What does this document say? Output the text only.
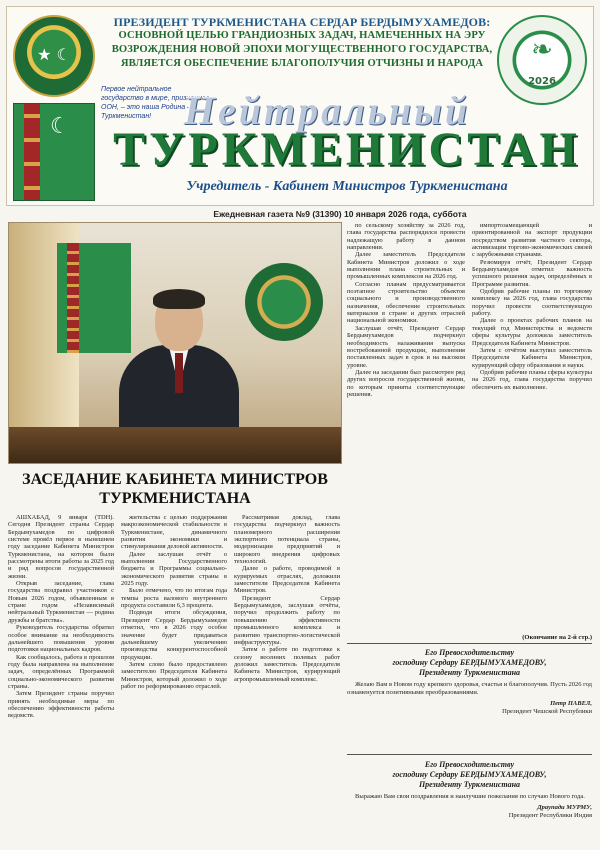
★ ☾
☾
ПРЕЗИДЕНТ ТУРКМЕНИСТАНА СЕРДАР БЕРДЫМУХАМЕДОВ:
ОСНОВНОЙ ЦЕЛЬЮ ГРАНДИОЗНЫХ ЗАДАЧ, НАМЕЧЕННЫХ НА ЭРУ
ВОЗРОЖДЕНИЯ НОВОЙ ЭПОХИ МОГУЩЕСТВЕННОГО ГОСУДАРСТВА,
ЯВЛЯЕТСЯ ОБЕСПЕЧЕНИЕ БЛАГОПОЛУЧИЯ ОТЧИЗНЫ И НАРОДА
Первое нейтральное государство в мире, признанное ООН, – это наша Родина – Туркменистан! Нейтральный
ТУРКМЕНИСТАН
Учредитель - Кабинет Министров Туркменистана
❧
2026
Ежедневная газета №9 (31390) 10 января 2026 года, суббота
ЗАСЕДАНИЕ КАБИНЕТА МИНИСТРОВ ТУРКМЕНИСТАНА

АШХАБАД, 9 января (TDH). Сегодня Президент страны Сердар Бердымухамедов по цифровой системе провёл первое в нынешнем году заседание Кабинета Министров Туркменистана, на котором были рассмотрены итоги работы за 2025 год и ряд вопросов государственной жизни.

Открыв заседание, глава государства поздравил участников с Новым 2026 годом, объявленным в стране годом «Независимый нейтральный Туркменистан — родина дружбы и братства».

Руководитель государства обратил особое внимание на необходимость дальнейшего повышения уровня подготовки национальных кадров.

Как сообщалось, работа в прошлом году была направлена на выполнение задач, определённых Программой социально-экономического развития страны.

Затем Президент страны поручил принять необходимые меры по обеспечению эффективности работы ведомств.

жительства с целью поддержания макроэкономической стабильности в Туркменистане, динамичного развития экономики и стимулирования деловой активности.

Далее заслушан отчёт о выполнении Государственного бюджета и Программы социально-экономического развития страны в 2025 году.

Было отмечено, что по итогам года темпы роста валового внутреннего продукта составили 6,3 процента.

Подводя итоги обсуждения, Президент Сердар Бердымухамедов отметил, что в 2026 году особое значение будет придаваться дальнейшему увеличению производства конкурентоспособной продукции.

Затем слово было предоставлено заместителю Председателя Кабинета Министров, который доложил о ходе работ по реформированию отраслей.

Рассматривая доклад, глава государства подчеркнул важность планомерного расширения экспортного потенциала страны, модернизации предприятий и широкого внедрения цифровых технологий.

Далее о работе, проводимой в курируемых отраслях, доложили заместители Председателя Кабинета Министров.

Президент Сердар Бердымухамедов, заслушав отчёты, поручил продолжить работу по повышению эффективности промышленного комплекса и развитию транспортно-логистической инфраструктуры.

Затем о работе по подготовке к сезону весенних полевых работ доложил заместитель Председателя Кабинета Министров, курирующий агропромышленный комплекс.

по сельскому хозяйству за 2026 год, глава государства распорядился провести надлежащую работу в данном направлении.

Далее заместитель Председателя Кабинета Министров доложил о ходе выполнения плана строительных и промышленных комплексов на 2026 год.

Согласно планам предусматривается поэтапное строительство объектов социального и производственного назначения, обеспечение строительных материалов в стране и других отраслей национальной экономики.

Заслушав отчёт, Президент Сердар Бердымухамедов подчеркнул необходимость налаживания выпуска востребованной продукции, выполнения поставленных задач в срок и на высоком уровне.

Далее на заседании был рассмотрен ряд других вопросов государственной жизни, по которым приняты соответствующие решения.

импортозамещающей и ориентированной на экспорт продукции посредством развития частного сектора, активизации торгово-экономических связей с зарубежными странами.

Резюмируя отчёт, Президент Сердар Бердымухамедов отметил важность успешного решения задач, определённых в Программе развития.

Одобрив рабочие планы по торговому комплексу на 2026 год, глава государства поручил провести соответствующую работу.

Далее о проектах рабочих планов на текущий год Министерства и ведомств сферы культуры доложила заместитель Председателя Кабинета Министров.

Затем с отчётом выступил заместитель Председателя Кабинета Министров, курирующий сферу образования и науки.

Одобрив рабочие планы сферы культуры на 2026 год, глава государства поручил обеспечить их выполнение.

(Окончание на 2-й стр.)
Его Превосходительству
господину Сердару БЕРДЫМУХАМЕДОВУ,
Президенту Туркменистана
Желаю Вам в Новом году крепкого здоровья, счастья и благополучия. Пусть 2026 год ознаменуется позитивными преобразованиями.
Петр ПАВЕЛ,
Президент Чешской Республики
Его Превосходительству
господину Сердару БЕРДЫМУХАМЕДОВУ,
Президенту Туркменистана
Выражаю Вам свои поздравления и наилучшие пожелания по случаю Нового года.
Драупади МУРМУ,
Президент Республики Индия
